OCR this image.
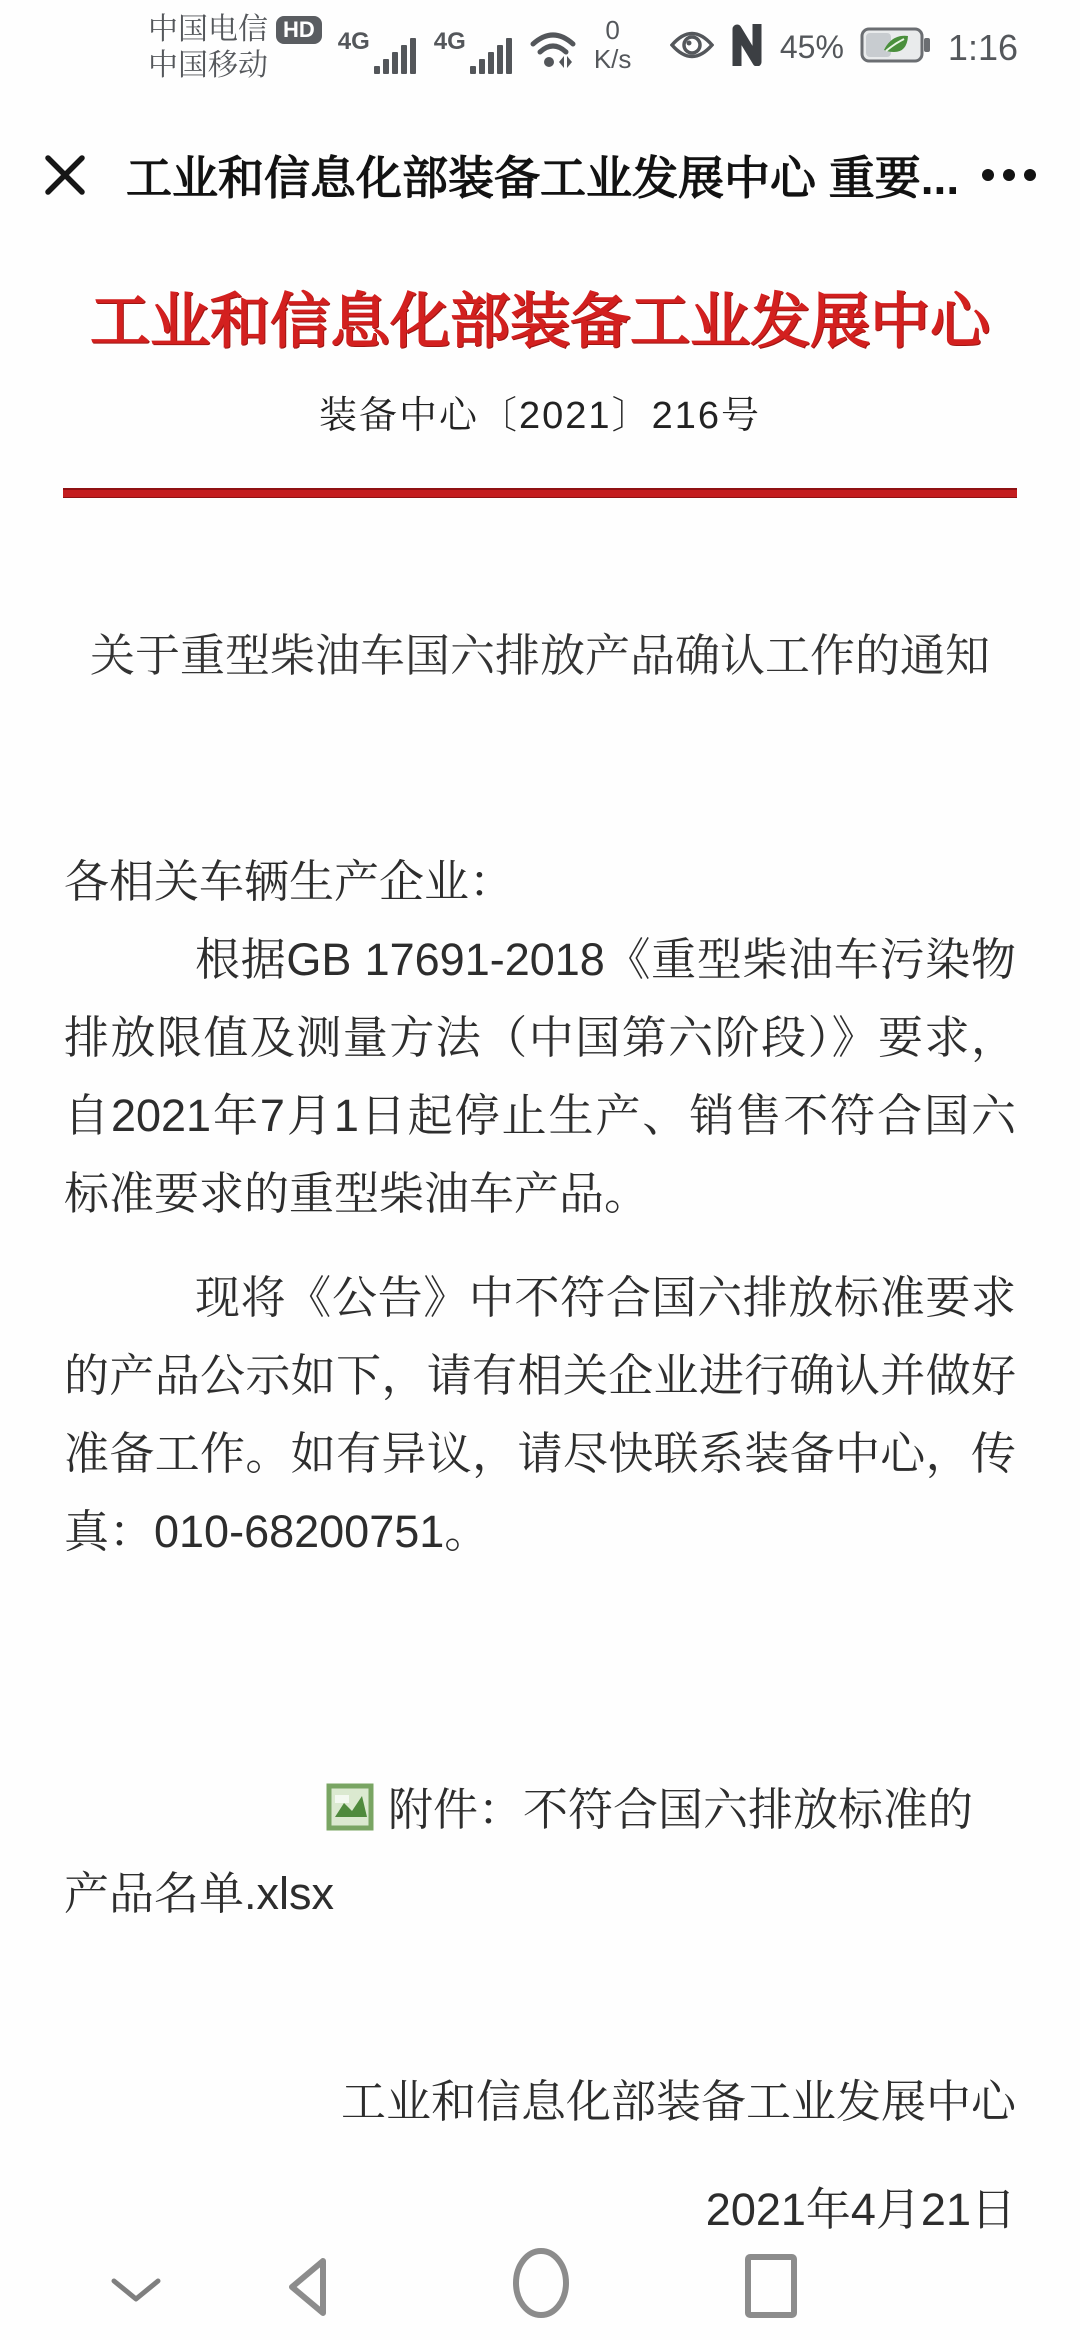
中国电信 HD
中国移动
4G	4G	0
K/s	45%	1:16
工业和信息化部装备工业发展中心 重要...
工业和信息化部装备工业发展中心
装备中心〔2021〕216号
关于重型柴油车国六排放产品确认工作的通知

各相关车辆生产企业：

根据GB 17691-2018《重型柴油车污染物排放限值及测量方法（中国第六阶段）》要求，自2021年7月1日起停止生产、销售不符合国六标准要求的重型柴油车产品。

现将《公告》中不符合国六排放标准要求的产品公示如下，请有相关企业进行确认并做好准备工作。如有异议，请尽快联系装备中心，传真：010-68200751。

附件：不符合国六排放标准的产品名单.xlsx

工业和信息化部装备工业发展中心

2021年4月21日
